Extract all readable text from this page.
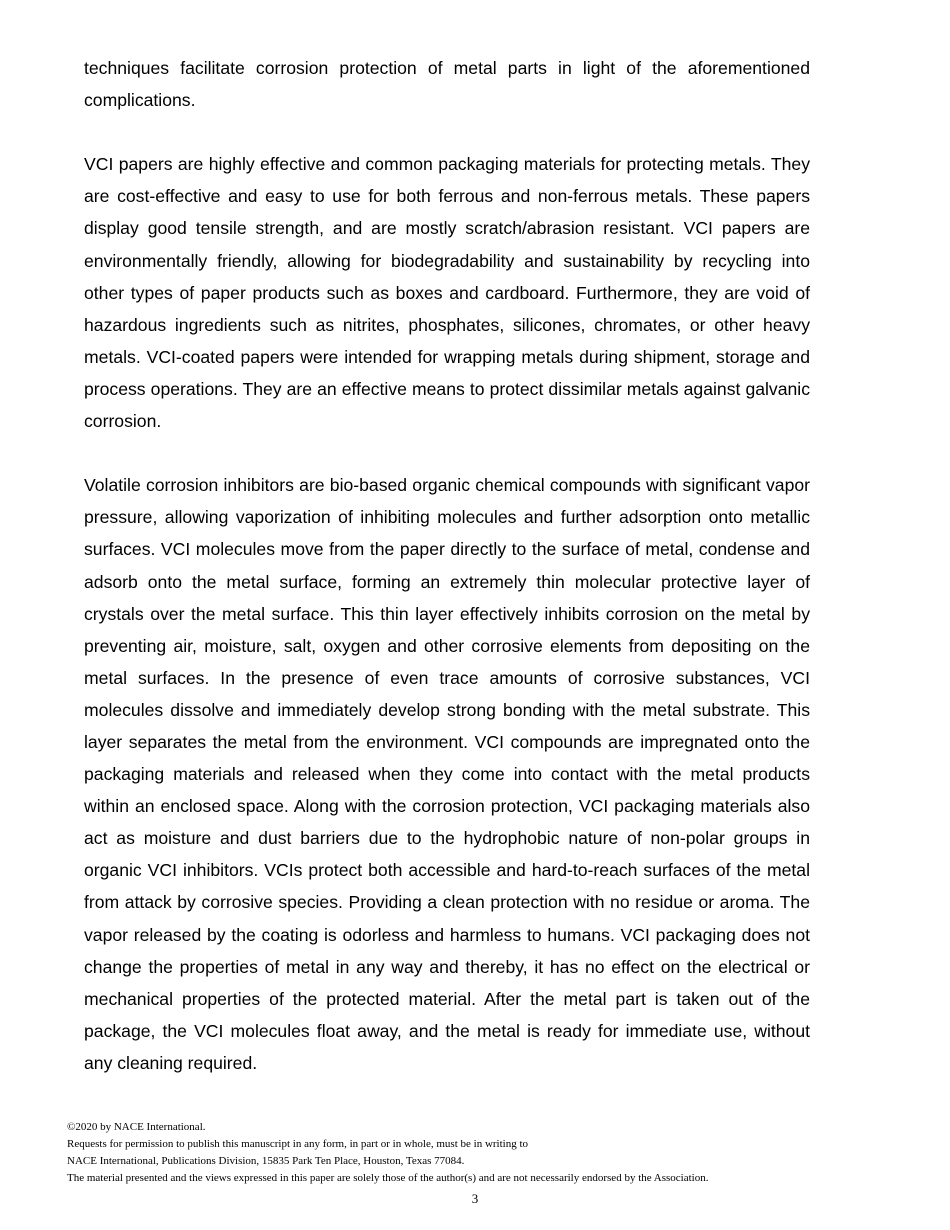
techniques facilitate corrosion protection of metal parts in light of the aforementioned complications.

VCI papers are highly effective and common packaging materials for protecting metals. They are cost-effective and easy to use for both ferrous and non-ferrous metals. These papers display good tensile strength, and are mostly scratch/abrasion resistant. VCI papers are environmentally friendly, allowing for biodegradability and sustainability by recycling into other types of paper products such as boxes and cardboard. Furthermore, they are void of hazardous ingredients such as nitrites, phosphates, silicones, chromates, or other heavy metals. VCI-coated papers were intended for wrapping metals during shipment, storage and process operations. They are an effective means to protect dissimilar metals against galvanic corrosion.

Volatile corrosion inhibitors are bio-based organic chemical compounds with significant vapor pressure, allowing vaporization of inhibiting molecules and further adsorption onto metallic surfaces. VCI molecules move from the paper directly to the surface of metal, condense and adsorb onto the metal surface, forming an extremely thin molecular protective layer of crystals over the metal surface. This thin layer effectively inhibits corrosion on the metal by preventing air, moisture, salt, oxygen and other corrosive elements from depositing on the metal surfaces. In the presence of even trace amounts of corrosive substances, VCI molecules dissolve and immediately develop strong bonding with the metal substrate. This layer separates the metal from the environment. VCI compounds are impregnated onto the packaging materials and released when they come into contact with the metal products within an enclosed space. Along with the corrosion protection, VCI packaging materials also act as moisture and dust barriers due to the hydrophobic nature of non-polar groups in organic VCI inhibitors. VCIs protect both accessible and hard-to-reach surfaces of the metal from attack by corrosive species. Providing a clean protection with no residue or aroma. The vapor released by the coating is odorless and harmless to humans. VCI packaging does not change the properties of metal in any way and thereby, it has no effect on the electrical or mechanical properties of the protected material. After the metal part is taken out of the package, the VCI molecules float away, and the metal is ready for immediate use, without any cleaning required.

©2020 by NACE International.
Requests for permission to publish this manuscript in any form, in part or in whole, must be in writing to
NACE International, Publications Division, 15835 Park Ten Place, Houston, Texas 77084.
The material presented and the views expressed in this paper are solely those of the author(s) and are not necessarily endorsed by the Association.
3
